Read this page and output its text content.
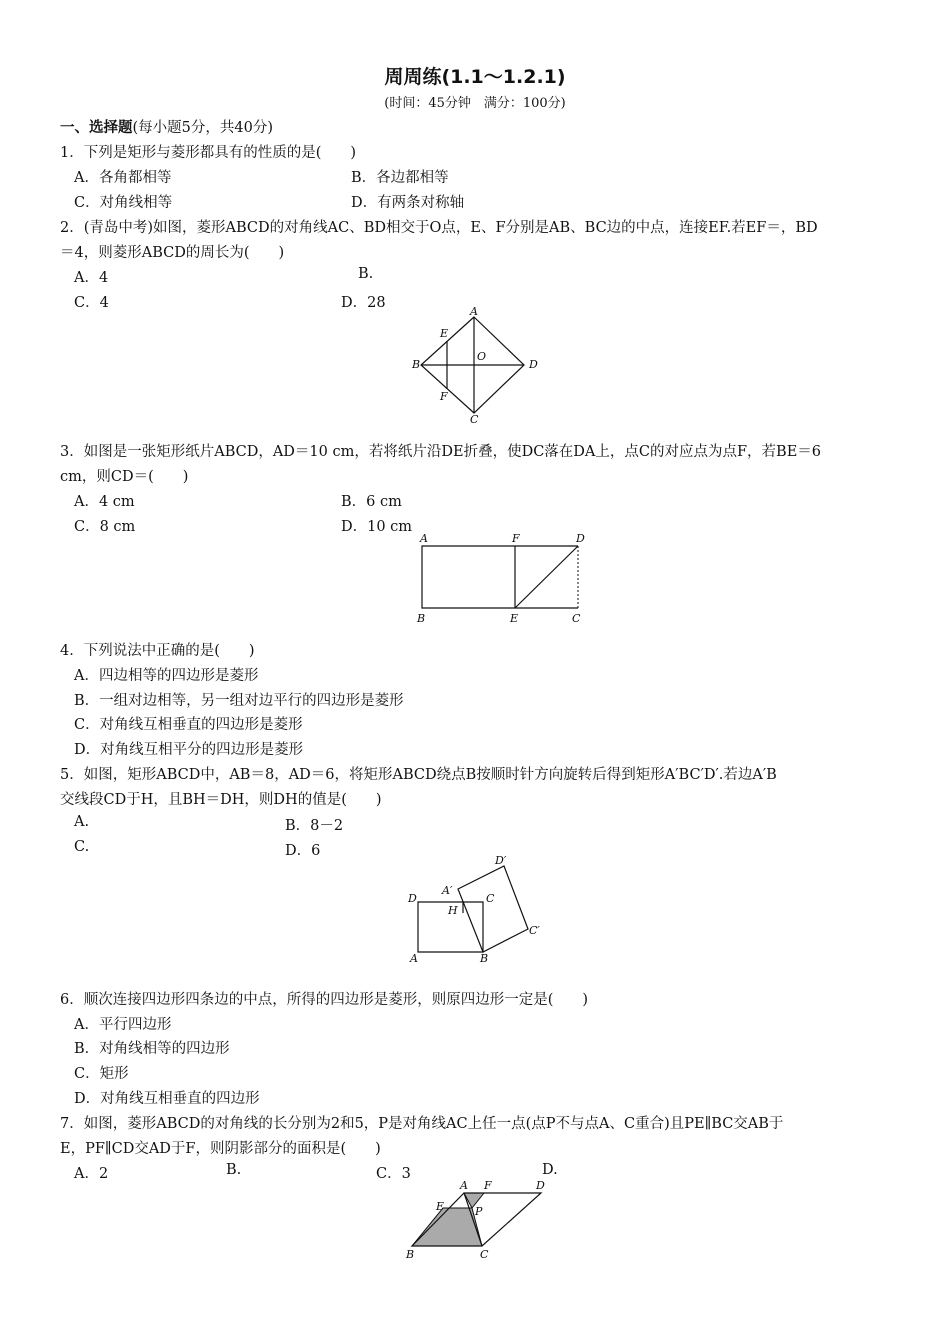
周周练(1.1～1.2.1)
(时间：45分钟　满分：100分)
一、选择题(每小题5分，共40分)
1．下列是矩形与菱形都具有的性质的是(　　)
A．各角都相等	B．各边都相等
C．对角线相等	D．有两条对称轴
2．(青岛中考)如图，菱形ABCD的对角线AC、BD相交于O点，E、F分别是AB、BC边的中点，连接EF.若EF＝，BD
＝4，则菱形ABCD的周长为(　　)
A．4	B.
C．4	D．28
A
B
C
D
E
F
O
3．如图是一张矩形纸片ABCD，AD＝10 cm，若将纸片沿DE折叠，使DC落在DA上，点C的对应点为点F，若BE＝6
cm，则CD＝(　　)
A．4 cm	B．6 cm
C．8 cm	D．10 cm
A	F	D
B	E	C
4．下列说法中正确的是(　　)
A．四边相等的四边形是菱形
B．一组对边相等，另一组对边平行的四边形是菱形
C．对角线互相垂直的四边形是菱形
D．对角线互相平分的四边形是菱形
5．如图，矩形ABCD中，AB＝8，AD＝6，将矩形ABCD绕点B按顺时针方向旋转后得到矩形A′BC′D′.若边A′B
交线段CD于H，且BH＝DH，则DH的值是(　　)
A.	B．8－2
C.	D．6
D′
A′
D
H
C
C′
A	B
6．顺次连接四边形四条边的中点，所得的四边形是菱形，则原四边形一定是(　　)
A．平行四边形
B．对角线相等的四边形
C．矩形
D．对角线互相垂直的四边形
7．如图，菱形ABCD的对角线的长分别为2和5，P是对角线AC上任一点(点P不与点A、C重合)且PE∥BC交AB于
E，PF∥CD交AD于F，则阴影部分的面积是(　　)
A．2	B.	C．3	D.
A F	D
E	P
B	C
